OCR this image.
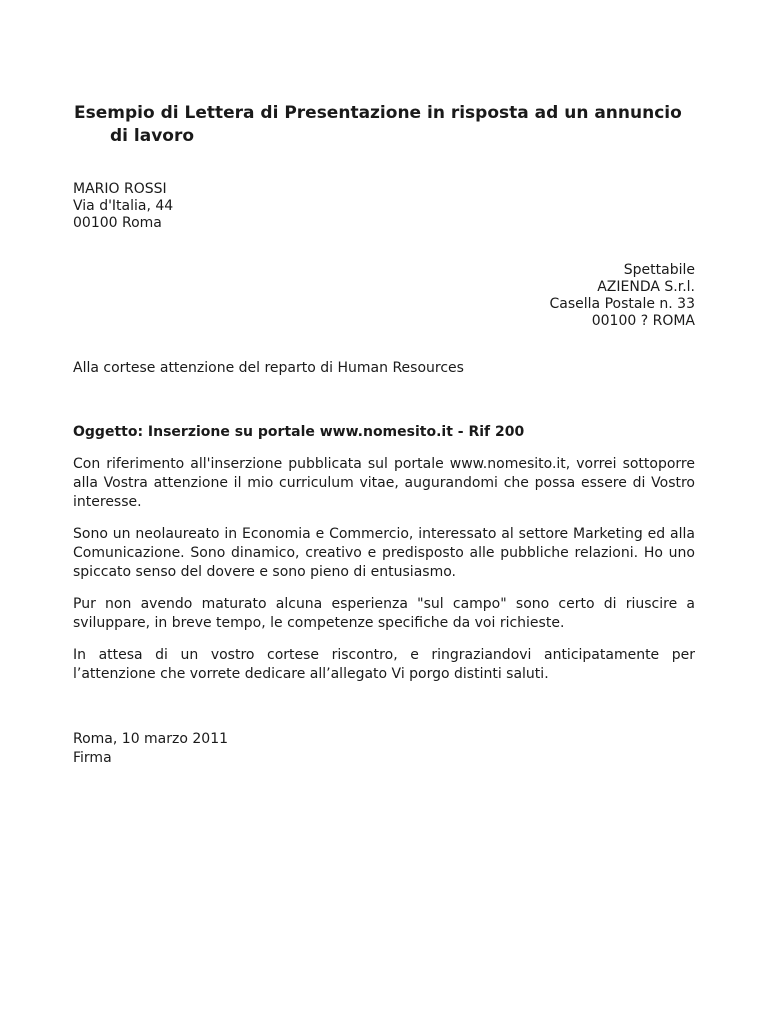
Esempio di Lettera di Presentazione in risposta ad un annuncio
di lavoro
MARIO ROSSI
Via d'Italia, 44
00100 Roma
Spettabile
AZIENDA S.r.l.
Casella Postale n. 33
00100 ? ROMA
Alla cortese attenzione del reparto di Human Resources
Oggetto: Inserzione su portale www.nomesito.it - Rif 200

Con riferimento all'inserzione pubblicata sul portale www.nomesito.it, vorrei sottoporre alla Vostra attenzione il mio curriculum vitae, augurandomi che possa essere di Vostro interesse.

Sono un neolaureato in Economia e Commercio, interessato al settore Marketing ed alla Comunicazione. Sono dinamico, creativo e predisposto alle pubbliche relazioni. Ho uno spiccato senso del dovere e sono pieno di entusiasmo.

Pur non avendo maturato alcuna esperienza "sul campo" sono certo di riuscire a sviluppare, in breve tempo, le competenze specifiche da voi richieste.

In attesa di un vostro cortese riscontro, e ringraziandovi anticipatamente per l’attenzione che vorrete dedicare all’allegato Vi porgo distinti saluti.

Roma, 10 marzo 2011
Firma
